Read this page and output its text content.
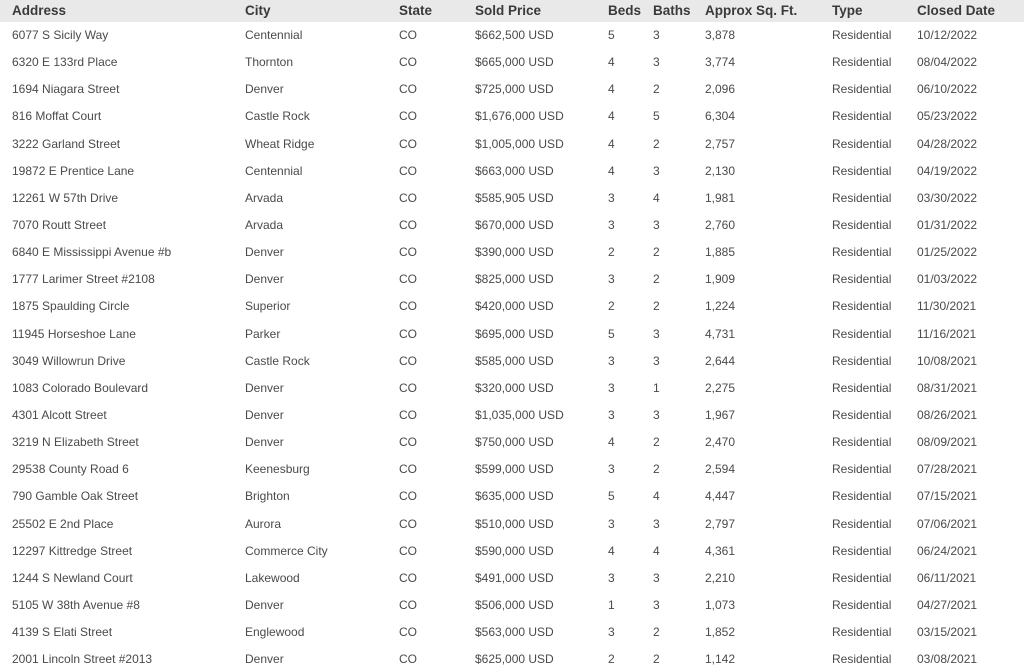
Address	City	State	Sold Price	Beds	Baths	Approx Sq. Ft.	Type	Closed Date
6077 S Sicily Way	Centennial	CO	$662,500 USD	5	3	3,878	Residential	10/12/2022
6320 E 133rd Place	Thornton	CO	$665,000 USD	4	3	3,774	Residential	08/04/2022
1694 Niagara Street	Denver	CO	$725,000 USD	4	2	2,096	Residential	06/10/2022
816 Moffat Court	Castle Rock	CO	$1,676,000 USD	4	5	6,304	Residential	05/23/2022
3222 Garland Street	Wheat Ridge	CO	$1,005,000 USD	4	2	2,757	Residential	04/28/2022
19872 E Prentice Lane	Centennial	CO	$663,000 USD	4	3	2,130	Residential	04/19/2022
12261 W 57th Drive	Arvada	CO	$585,905 USD	3	4	1,981	Residential	03/30/2022
7070 Routt Street	Arvada	CO	$670,000 USD	3	3	2,760	Residential	01/31/2022
6840 E Mississippi Avenue #b	Denver	CO	$390,000 USD	2	2	1,885	Residential	01/25/2022
1777 Larimer Street #2108	Denver	CO	$825,000 USD	3	2	1,909	Residential	01/03/2022
1875 Spaulding Circle	Superior	CO	$420,000 USD	2	2	1,224	Residential	11/30/2021
11945 Horseshoe Lane	Parker	CO	$695,000 USD	5	3	4,731	Residential	11/16/2021
3049 Willowrun Drive	Castle Rock	CO	$585,000 USD	3	3	2,644	Residential	10/08/2021
1083 Colorado Boulevard	Denver	CO	$320,000 USD	3	1	2,275	Residential	08/31/2021
4301 Alcott Street	Denver	CO	$1,035,000 USD	3	3	1,967	Residential	08/26/2021
3219 N Elizabeth Street	Denver	CO	$750,000 USD	4	2	2,470	Residential	08/09/2021
29538 County Road 6	Keenesburg	CO	$599,000 USD	3	2	2,594	Residential	07/28/2021
790 Gamble Oak Street	Brighton	CO	$635,000 USD	5	4	4,447	Residential	07/15/2021
25502 E 2nd Place	Aurora	CO	$510,000 USD	3	3	2,797	Residential	07/06/2021
12297 Kittredge Street	Commerce City	CO	$590,000 USD	4	4	4,361	Residential	06/24/2021
1244 S Newland Court	Lakewood	CO	$491,000 USD	3	3	2,210	Residential	06/11/2021
5105 W 38th Avenue #8	Denver	CO	$506,000 USD	1	3	1,073	Residential	04/27/2021
4139 S Elati Street	Englewood	CO	$563,000 USD	3	2	1,852	Residential	03/15/2021
2001 Lincoln Street #2013	Denver	CO	$625,000 USD	2	2	1,142	Residential	03/08/2021
